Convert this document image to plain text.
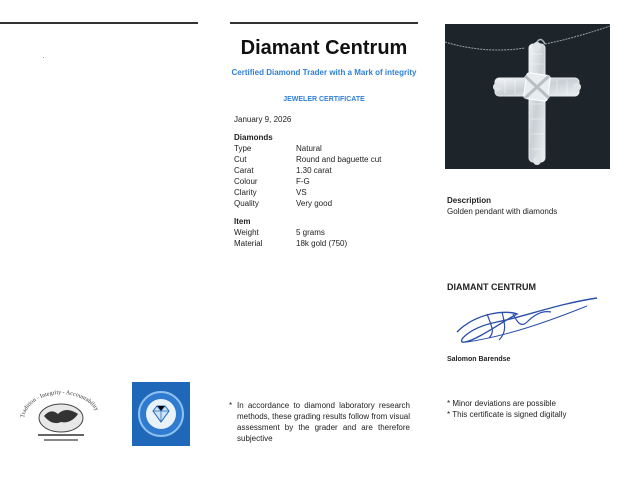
Diamant Centrum
Certified Diamond Trader with a Mark of integrity
JEWELER CERTIFICATE
January 9, 2026
Diamonds
Type	Natural
Cut	Round and baguette cut
Carat	1.30 carat
Colour	F-G
Clarity	VS
Quality	Very good
Item
Weight	5 grams
Material	18k gold (750)
Description
Golden pendant with diamonds
DIAMANT CENTRUM
Salomon Barendse
Tradition - Integrity - Accountability	* In accordance to diamond laboratory research methods, these grading results follow from visual assessment by the grader and are therefore subjective
* Minor deviations are possible
* This certificate is signed digitally
